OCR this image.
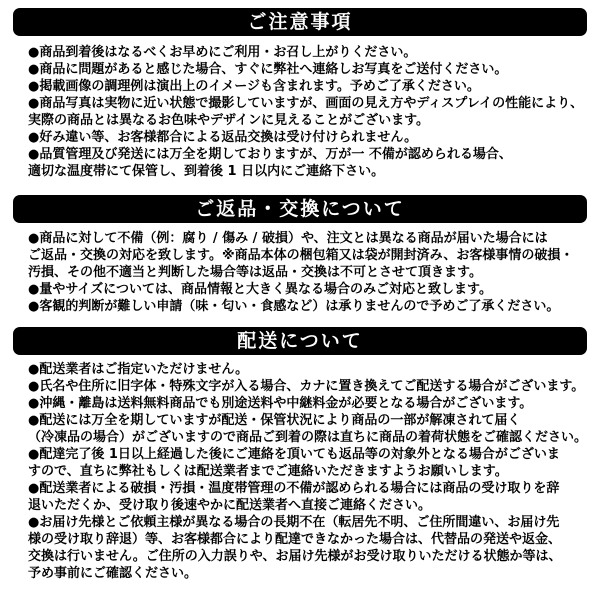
ご注意事項
●商品到着後はなるべくお早めにご利用・お召し上がりください。
●商品に問題があると感じた場合、すぐに弊社へ連絡しお写真をご送付ください。
●掲載画像の調理例は演出上のイメージも含まれます。予めご了承ください。
●商品写真は実物に近い状態で撮影していますが、画面の見え方やディスプレイの性能により、
実際の商品とは異なるお色味やデザインに見えることがございます。
●好み違い等、お客様都合による返品交換は受け付けられません。
●品質管理及び発送には万全を期しておりますが、万が一 不備が認められる場合、
適切な温度帯にて保管し、到着後 1 日以内にご連絡下さい。
ご返品・交換について
●商品に対して不備（例：腐り / 傷み / 破損）や、注文とは異なる商品が届いた場合には
ご返品・交換の対応を致します。※商品本体の梱包箱又は袋が開封済み、お客様事情の破損・
汚損、その他不適当と判断した場合等は返品・交換は不可とさせて頂きます。
●量やサイズについては、商品情報と大きく異なる場合のみご対応と致します。
●客観的判断が難しい申請（味・匂い・食感など）は承りませんので予めご了承ください。
配送について
●配送業者はご指定いただけません。
●氏名や住所に旧字体・特殊文字が入る場合、カナに置き換えてご配送する場合がございます。
●沖縄・離島は送料無料商品でも別途送料や中継料金が必要となる場合がございます。
●配送には万全を期していますが配送・保管状況により商品の一部が解凍されて届く
（冷凍品の場合）がございますので商品ご到着の際は直ちに商品の着荷状態をご確認ください。
●配達完了後 1日以上経過した後にご連絡を頂いても返品等の対象外となる場合がございま
すので、直ちに弊社もしくは配送業者までご連絡いただきますようお願いします。
●配送業者による破損・汚損・温度帯管理の不備が認められる場合には商品の受け取りを辞
退いただくか、受け取り後速やかに配送業者へ直接ご連絡ください。
●お届け先様とご依頼主様が異なる場合の長期不在（転居先不明、ご住所間違い、お届け先
様の受け取り辞退）等、お客様都合により配達できなかった場合は、代替品の発送や返金、
交換は行いません。ご住所の入力誤りや、お届け先様がお受け取りいただける状態か等は、
予め事前にご確認ください。
